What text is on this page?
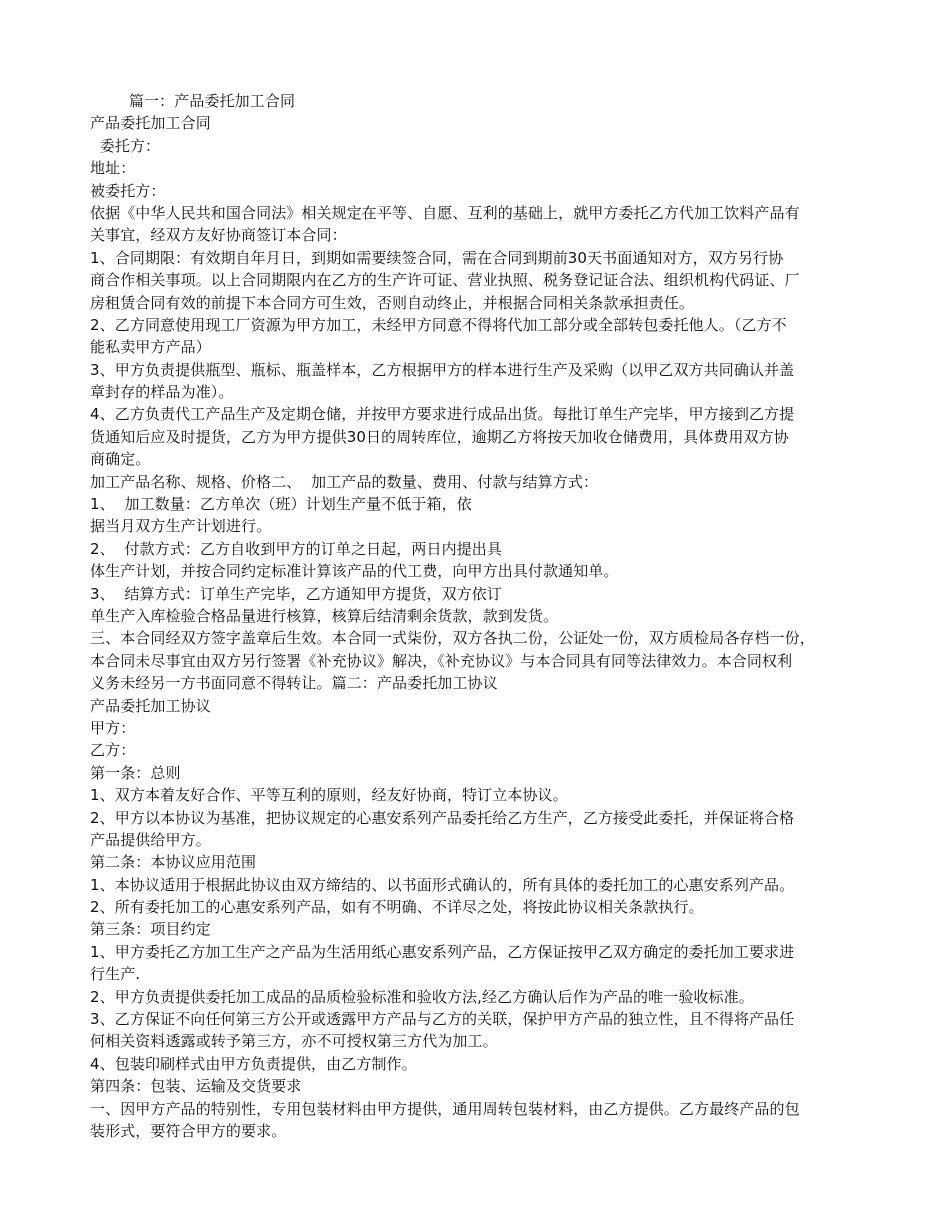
篇一：产品委托加工合同
产品委托加工合同
委托方：
地址：
被委托方：
依据《中华人民共和国合同法》相关规定在平等、自愿、互利的基础上，就甲方委托乙方代加工饮料产品有
关事宜，经双方友好协商签订本合同：
1、合同期限：有效期自年月日，到期如需要续签合同，需在合同到期前30天书面通知对方，双方另行协
商合作相关事项。以上合同期限内在乙方的生产许可证、营业执照、税务登记证合法、组织机构代码证、厂
房租赁合同有效的前提下本合同方可生效，否则自动终止，并根据合同相关条款承担责任。
2、乙方同意使用现工厂资源为甲方加工，未经甲方同意不得将代加工部分或全部转包委托他人。（乙方不
能私卖甲方产品）
3、甲方负责提供瓶型、瓶标、瓶盖样本，乙方根据甲方的样本进行生产及采购（以甲乙双方共同确认并盖
章封存的样品为准）。
4、乙方负责代工产品生产及定期仓储，并按甲方要求进行成品出货。每批订单生产完毕，甲方接到乙方提
货通知后应及时提货，乙方为甲方提供30日的周转库位，逾期乙方将按天加收仓储费用，具体费用双方协
商确定。
加工产品名称、规格、价格二、  加工产品的数量、费用、付款与结算方式：
1、  加工数量：乙方单次（班）计划生产量不低于箱，依
据当月双方生产计划进行。
2、  付款方式：乙方自收到甲方的订单之日起，两日内提出具
体生产计划，并按合同约定标准计算该产品的代工费，向甲方出具付款通知单。
3、  结算方式：订单生产完毕，乙方通知甲方提货，双方依订
单生产入库检验合格品量进行核算，核算后结清剩余货款，款到发货。
三、本合同经双方签字盖章后生效。本合同一式柒份，双方各执二份，公证处一份，双方质检局各存档一份，
本合同未尽事宜由双方另行签署《补充协议》解决，《补充协议》与本合同具有同等法律效力。本合同权利
义务未经另一方书面同意不得转让。篇二：产品委托加工协议
产品委托加工协议
甲方：
乙方：
第一条：总则
1、双方本着友好合作、平等互利的原则，经友好协商，特订立本协议。
2、甲方以本协议为基准，把协议规定的心惠安系列产品委托给乙方生产，乙方接受此委托，并保证将合格
产品提供给甲方。
第二条：本协议应用范围
1、本协议适用于根据此协议由双方缔结的、以书面形式确认的，所有具体的委托加工的心惠安系列产品。
2、所有委托加工的心惠安系列产品，如有不明确、不详尽之处，将按此协议相关条款执行。
第三条：项目约定
1、甲方委托乙方加工生产之产品为生活用纸心惠安系列产品，乙方保证按甲乙双方确定的委托加工要求进
行生产.
2、甲方负责提供委托加工成品的品质检验标准和验收方法,经乙方确认后作为产品的唯一验收标准。
3、乙方保证不向任何第三方公开或透露甲方产品与乙方的关联，保护甲方产品的独立性，且不得将产品任
何相关资料透露或转予第三方，亦不可授权第三方代为加工。
4、包装印刷样式由甲方负责提供，由乙方制作。
第四条：包装、运输及交货要求
一、因甲方产品的特别性，专用包装材料由甲方提供，通用周转包装材料，由乙方提供。乙方最终产品的包
装形式，要符合甲方的要求。
